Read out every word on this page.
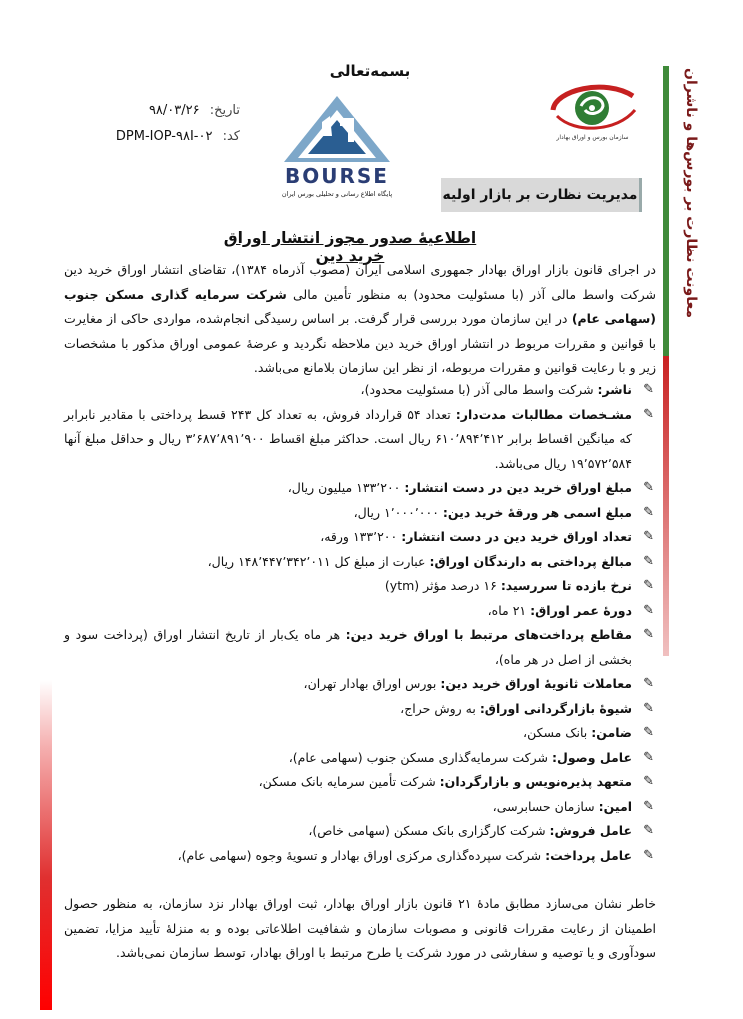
معاونت نظارت بر بورس‌ها و ناشران
بسمه‌تعالی
سازمان بورس و اوراق بهادار
تاریخ: ۹۸/۰۳/۲۶
کد: DPM-IOP-۹۸I-۰۲
BOURSE
پایگاه اطلاع رسانی و تحلیلی بورس ایران	مدیریت نظارت بر بازار اولیه
اطلاعیهٔ صدور مجوز انتشار اوراق خرید دین
در اجرای قانون بازار اوراق بهادار جمهوری اسلامی ایران (مصوب آذرماه ۱۳۸۴)، تقاضای انتشار اوراق خرید دین شرکت واسط مالی آذر (با مسئولیت محدود) به منظور تأمین مالی شرکت سرمایه گذاری مسکن جنوب (سهامی عام) در این سازمان مورد بررسی قرار گرفت. بر اساس رسیدگی انجام‌شده، مواردی حاکی از مغایرت با قوانین و مقررات مربوط در انتشار اوراق خرید دین ملاحظه نگردید و عرضهٔ عمومی اوراق مذکور با مشخصات زیر و با رعایت قوانین و مقررات مربوطه، از نظر این سازمان بلامانع می‌باشد.
✎
ناشر: شرکت واسط مالی آذر (با مسئولیت محدود)،
✎
مشـخصات مطالبات مدت‌دار: تعداد ۵۴ قرارداد فروش، به تعداد کل ۲۴۳ قسط پرداختی با مقادیر نابرابر که میانگین اقساط برابر ۶۱۰٬۸۹۴٬۴۱۲ ریال است. حداکثر مبلغ اقساط ۳٬۶۸۷٬۸۹۱٬۹۰۰ ریال و حداقل مبلغ آنها ۱۹٬۵۷۲٬۵۸۴ ریال می‌باشد.
✎
مبلغ اوراق خرید دین در دست انتشار: ۱۳۳٬۲۰۰ میلیون ریال،
✎
مبلغ اسمی هر ورقهٔ خرید دین: ۱٬۰۰۰٬۰۰۰ ریال،
✎
تعداد اوراق خرید دین در دست انتشار: ۱۳۳٬۲۰۰ ورقه،
✎
مبالغ پرداختی به دارندگان اوراق: عبارت از مبلغ کل ۱۴۸٬۴۴۷٬۳۴۲٬۰۱۱ ریال،
✎
نرخ بازده تا سررسید: ۱۶ درصد مؤثر (ytm)
✎
دورهٔ عمر اوراق: ۲۱ ماه،
✎
مقاطع پرداخت‌های مرتبط با اوراق خرید دین: هر ماه یک‌بار از تاریخ انتشار اوراق (پرداخت سود و بخشی از اصل در هر ماه)،
✎
معاملات ثانویهٔ اوراق خرید دین: بورس اوراق بهادار تهران،
✎
شیوهٔ بازارگردانی اوراق: به روش حراج،
✎
ضامن: بانک مسکن،
✎
عامل وصول: شرکت سرمایه‌گذاری مسکن جنوب (سهامی عام)،
✎
متعهد پذیره‌نویس و بازارگردان: شرکت تأمین سرمایه بانک مسکن،
✎
امین: سازمان حسابرسی،
✎
عامل فروش: شرکت کارگزاری بانک مسکن (سهامی خاص)،
✎
عامل پرداخت: شرکت سپرده‌گذاری مرکزی اوراق بهادار و تسویهٔ وجوه (سهامی عام)،
خاطر نشان می‌سازد مطابق مادهٔ ۲۱ قانون بازار اوراق بهادار، ثبت اوراق بهادار نزد سازمان، به منظور حصول اطمینان از رعایت مقررات قانونی و مصوبات سازمان و شفافیت اطلاعاتی بوده و به منزلهٔ تأیید مزایا، تضمین سودآوری و یا توصیه و سفارشی در مورد شرکت یا طرح مرتبط با اوراق بهادار، توسط سازمان نمی‌باشد.
